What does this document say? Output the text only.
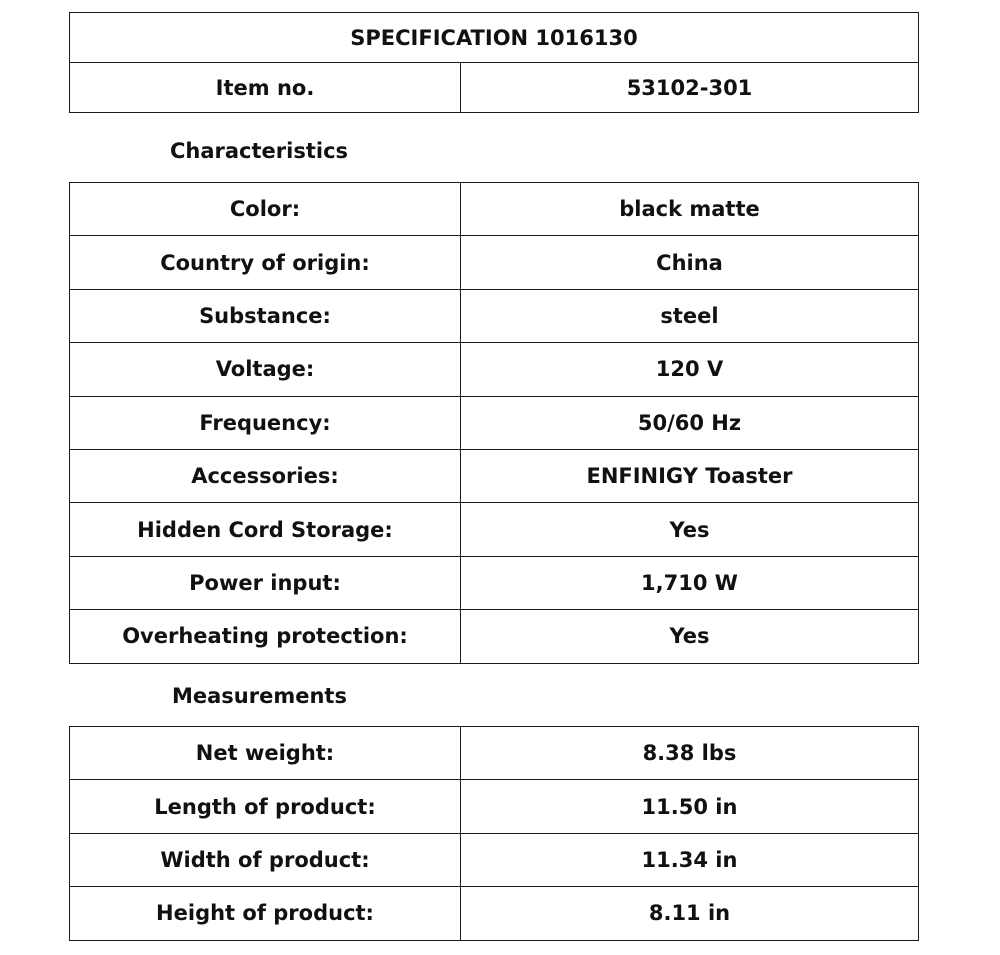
SPECIFICATION 1016130
Item no.	53102-301
Characteristics
Color:	black matte
Country of origin:	China
Substance:	steel
Voltage:	120 V
Frequency:	50/60 Hz
Accessories:	ENFINIGY Toaster
Hidden Cord Storage:	Yes
Power input:	1,710 W
Overheating protection:	Yes
Measurements
Net weight:	8.38 lbs
Length of product:	11.50 in
Width of product:	11.34 in
Height of product:	8.11 in
